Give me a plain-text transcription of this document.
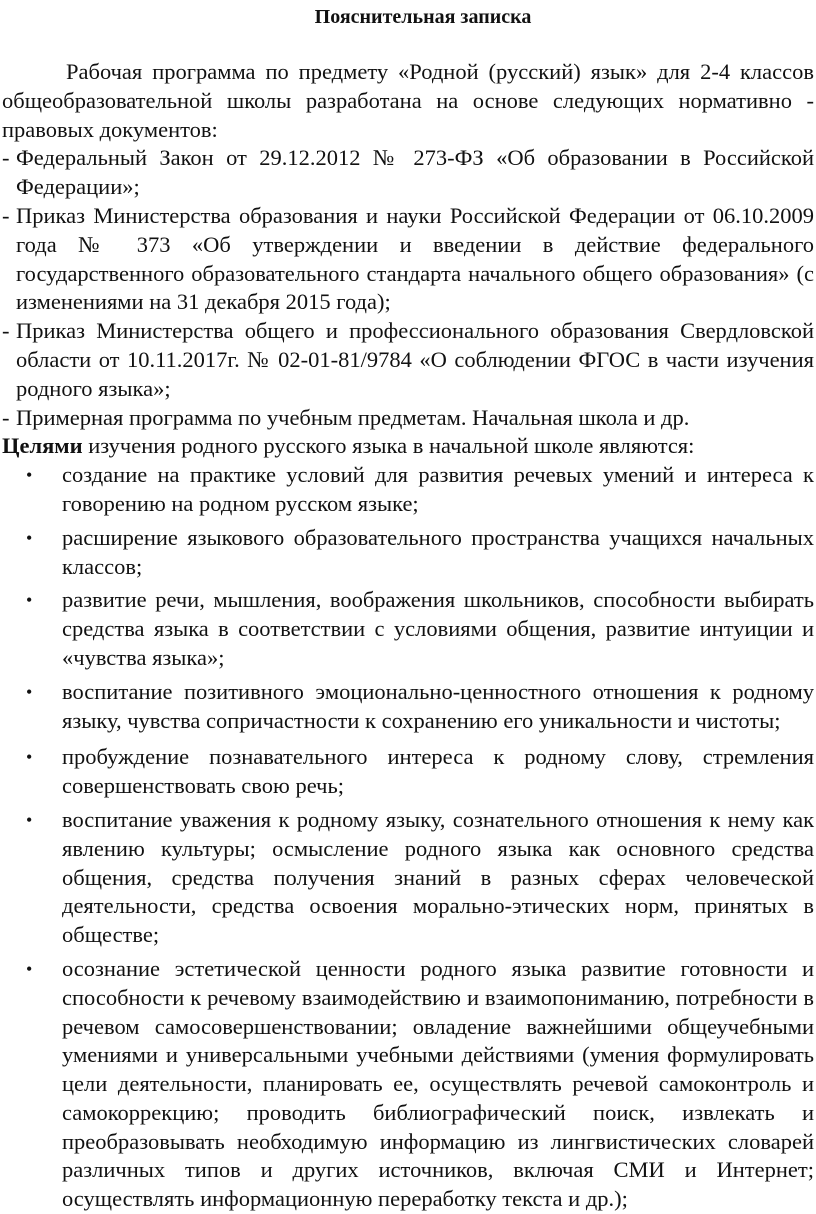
Пояснительная записка

Рабочая программа по предмету «Родной (русский) язык» для 2-4 классов общеобразовательной школы разработана на основе следующих нормативно - правовых документов:

- Федеральный Закон от 29.12.2012 № 273-ФЗ «Об образовании в Российской Федерации»;
- Приказ Министерства образования и науки Российской Федерации от 06.10.2009 года № 373 «Об утверждении и введении в действие федерального государственного образовательного стандарта начального общего образования» (с изменениями на 31 декабря 2015 года);
- Приказ Министерства общего и профессионального образования Свердловской области от 10.11.2017г. № 02-01-81/9784 «О соблюдении ФГОС в части изучения родного языка»;
- Примерная программа по учебным предметам. Начальная школа и др.

Целями изучения родного русского языка в начальной школе являются:

• создание на практике условий для развития речевых умений и интереса к говорению на родном русском языке;
• расширение языкового образовательного пространства учащихся начальных классов;
• развитие речи, мышления, воображения школьников, способности выбирать средства языка в соответствии с условиями общения, развитие интуиции и «чувства языка»;
• воспитание позитивного эмоционально-ценностного отношения к родному языку, чувства сопричастности к сохранению его уникальности и чистоты;
• пробуждение познавательного интереса к родному слову, стремления совершенствовать свою речь;
• воспитание уважения к родному языку, сознательного отношения к нему как явлению культуры; осмысление родного языка как основного средства общения, средства получения знаний в разных сферах человеческой деятельности, средства освоения морально-этических норм, принятых в обществе;
• осознание эстетической ценности родного языка развитие готовности и способности к речевому взаимодействию и взаимопониманию, потребности в речевом самосовершенствовании; овладение важнейшими общеучебными умениями и универсальными учебными действиями (умения формулировать цели деятельности, планировать ее, осуществлять речевой самоконтроль и самокоррекцию; проводить библиографический поиск, извлекать и преобразовывать необходимую информацию из лингвистических словарей различных типов и других источников, включая СМИ и Интернет; осуществлять информационную переработку текста и др.);
